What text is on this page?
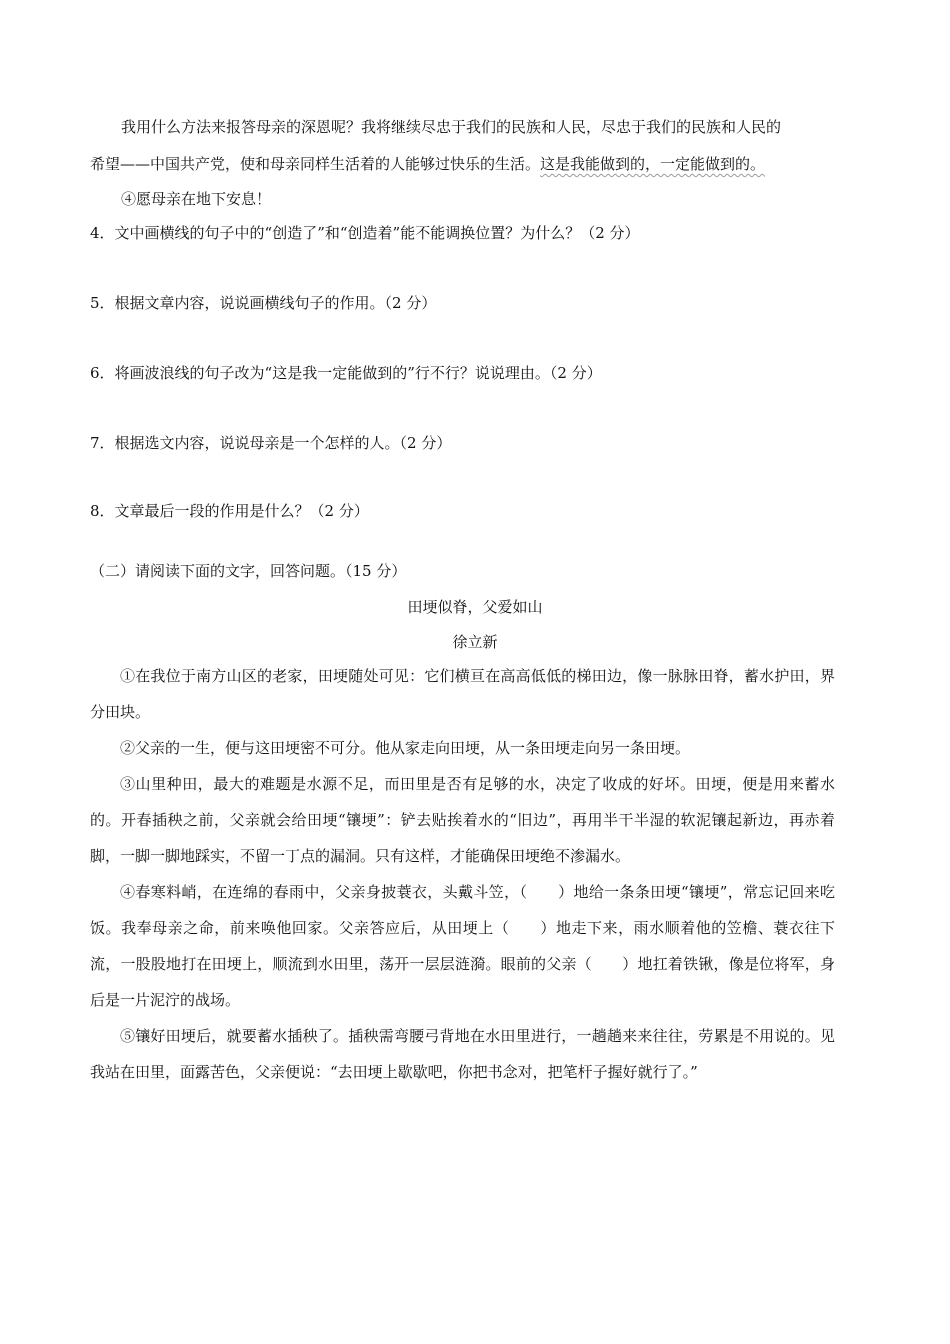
我用什么方法来报答母亲的深恩呢？我将继续尽忠于我们的民族和人民，尽忠于我们的民族和人民的

希望——中国共产党，使和母亲同样生活着的人能够过快乐的生活。这是我能做到的，一定能做到的。

④愿母亲在地下安息！

4．文中画横线的句子中的“创造了”和“创造着”能不能调换位置？为什么？（2 分）

5．根据文章内容，说说画横线句子的作用。（2 分）

6．将画波浪线的句子改为“这是我一定能做到的”行不行？说说理由。（2 分）

7．根据选文内容，说说母亲是一个怎样的人。（2 分）

8．文章最后一段的作用是什么？（2 分）

（二）请阅读下面的文字，回答问题。（15 分）

田埂似脊，父爱如山

徐立新

①在我位于南方山区的老家，田埂随处可见：它们横亘在高高低低的梯田边，像一脉脉田脊，蓄水护田，界分田块。

②父亲的一生，便与这田埂密不可分。他从家走向田埂，从一条田埂走向另一条田埂。

③山里种田，最大的难题是水源不足，而田里是否有足够的水，决定了收成的好坏。田埂，便是用来蓄水的。开春插秧之前，父亲就会给田埂“镶埂”：铲去贴挨着水的“旧边”，再用半干半湿的软泥镶起新边，再赤着脚，一脚一脚地踩实，不留一丁点的漏洞。只有这样，才能确保田埂绝不渗漏水。

④春寒料峭，在连绵的春雨中，父亲身披蓑衣，头戴斗笠，（　　）地给一条条田埂“镶埂”，常忘记回来吃饭。我奉母亲之命，前来唤他回家。父亲答应后，从田埂上（　　）地走下来，雨水顺着他的笠檐、蓑衣往下流，一股股地打在田埂上，顺流到水田里，荡开一层层涟漪。眼前的父亲（　　）地扛着铁锹，像是位将军，身后是一片泥泞的战场。

⑤镶好田埂后，就要蓄水插秧了。插秧需弯腰弓背地在水田里进行，一趟趟来来往往，劳累是不用说的。见我站在田里，面露苦色，父亲便说：“去田埂上歇歇吧，你把书念对，把笔杆子握好就行了。”
